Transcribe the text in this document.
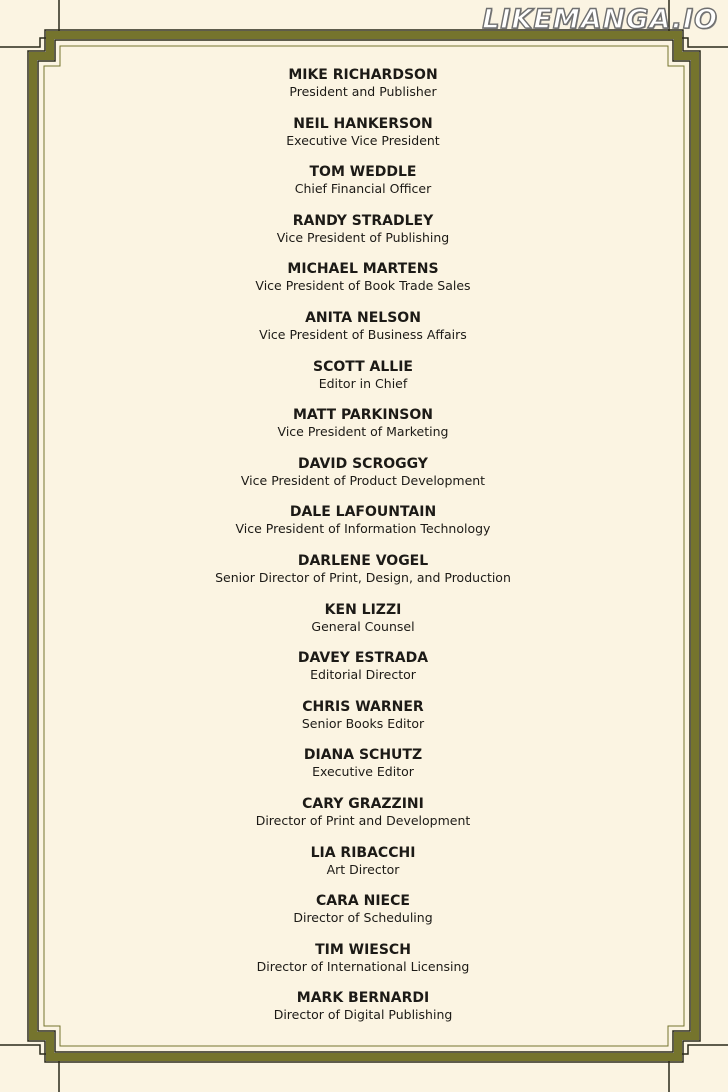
LIKEMANGA.IO
MIKE RICHARDSON
President and Publisher
NEIL HANKERSON
Executive Vice President
TOM WEDDLE
Chief Financial Officer
RANDY STRADLEY
Vice President of Publishing
MICHAEL MARTENS
Vice President of Book Trade Sales
ANITA NELSON
Vice President of Business Affairs
SCOTT ALLIE
Editor in Chief
MATT PARKINSON
Vice President of Marketing
DAVID SCROGGY
Vice President of Product Development
DALE LAFOUNTAIN
Vice President of Information Technology
DARLENE VOGEL
Senior Director of Print, Design, and Production
KEN LIZZI
General Counsel
DAVEY ESTRADA
Editorial Director
CHRIS WARNER
Senior Books Editor
DIANA SCHUTZ
Executive Editor
CARY GRAZZINI
Director of Print and Development
LIA RIBACCHI
Art Director
CARA NIECE
Director of Scheduling
TIM WIESCH
Director of International Licensing
MARK BERNARDI
Director of Digital Publishing
